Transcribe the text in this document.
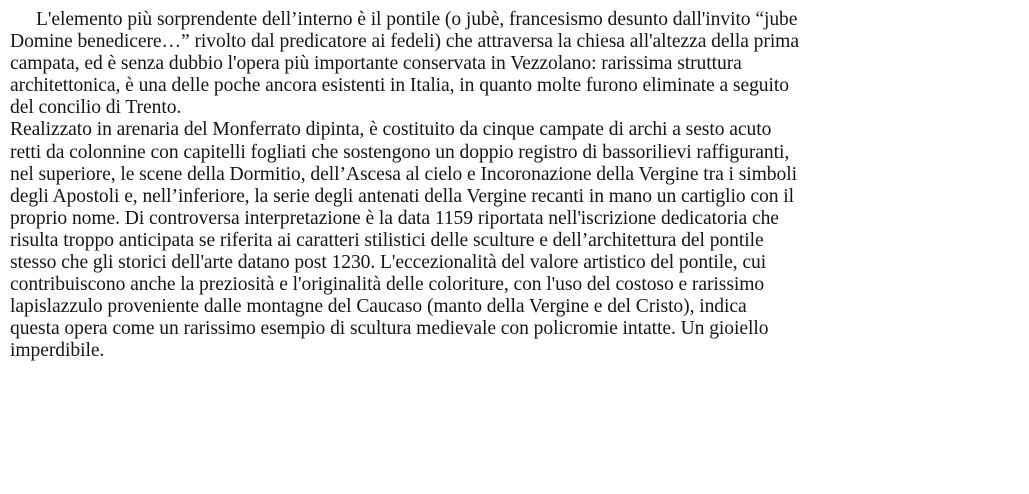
L'elemento più sorprendente dell’interno è il pontile (o jubè, francesismo desunto dall'invito “jube
Domine benedicere…” rivolto dal predicatore ai fedeli) che attraversa la chiesa all'altezza della prima
campata, ed è senza dubbio l'opera più importante conservata in Vezzolano: rarissima struttura
architettonica, è una delle poche ancora esistenti in Italia, in quanto molte furono eliminate a seguito
del concilio di Trento.
Realizzato in arenaria del Monferrato dipinta, è costituito da cinque campate di archi a sesto acuto
retti da colonnine con capitelli fogliati che sostengono un doppio registro di bassorilievi raffiguranti,
nel superiore, le scene della Dormitio, dell’Ascesa al cielo e Incoronazione della Vergine tra i simboli
degli Apostoli e, nell’inferiore, la serie degli antenati della Vergine recanti in mano un cartiglio con il
proprio nome. Di controversa interpretazione è la data 1159 riportata nell'iscrizione dedicatoria che
risulta troppo anticipata se riferita ai caratteri stilistici delle sculture e dell’architettura del pontile
stesso che gli storici dell'arte datano post 1230. L'eccezionalità del valore artistico del pontile, cui
contribuiscono anche la preziosità e l'originalità delle coloriture, con l'uso del costoso e rarissimo
lapislazzulo proveniente dalle montagne del Caucaso (manto della Vergine e del Cristo), indica
questa opera come un rarissimo esempio di scultura medievale con policromie intatte. Un gioiello
imperdibile.
